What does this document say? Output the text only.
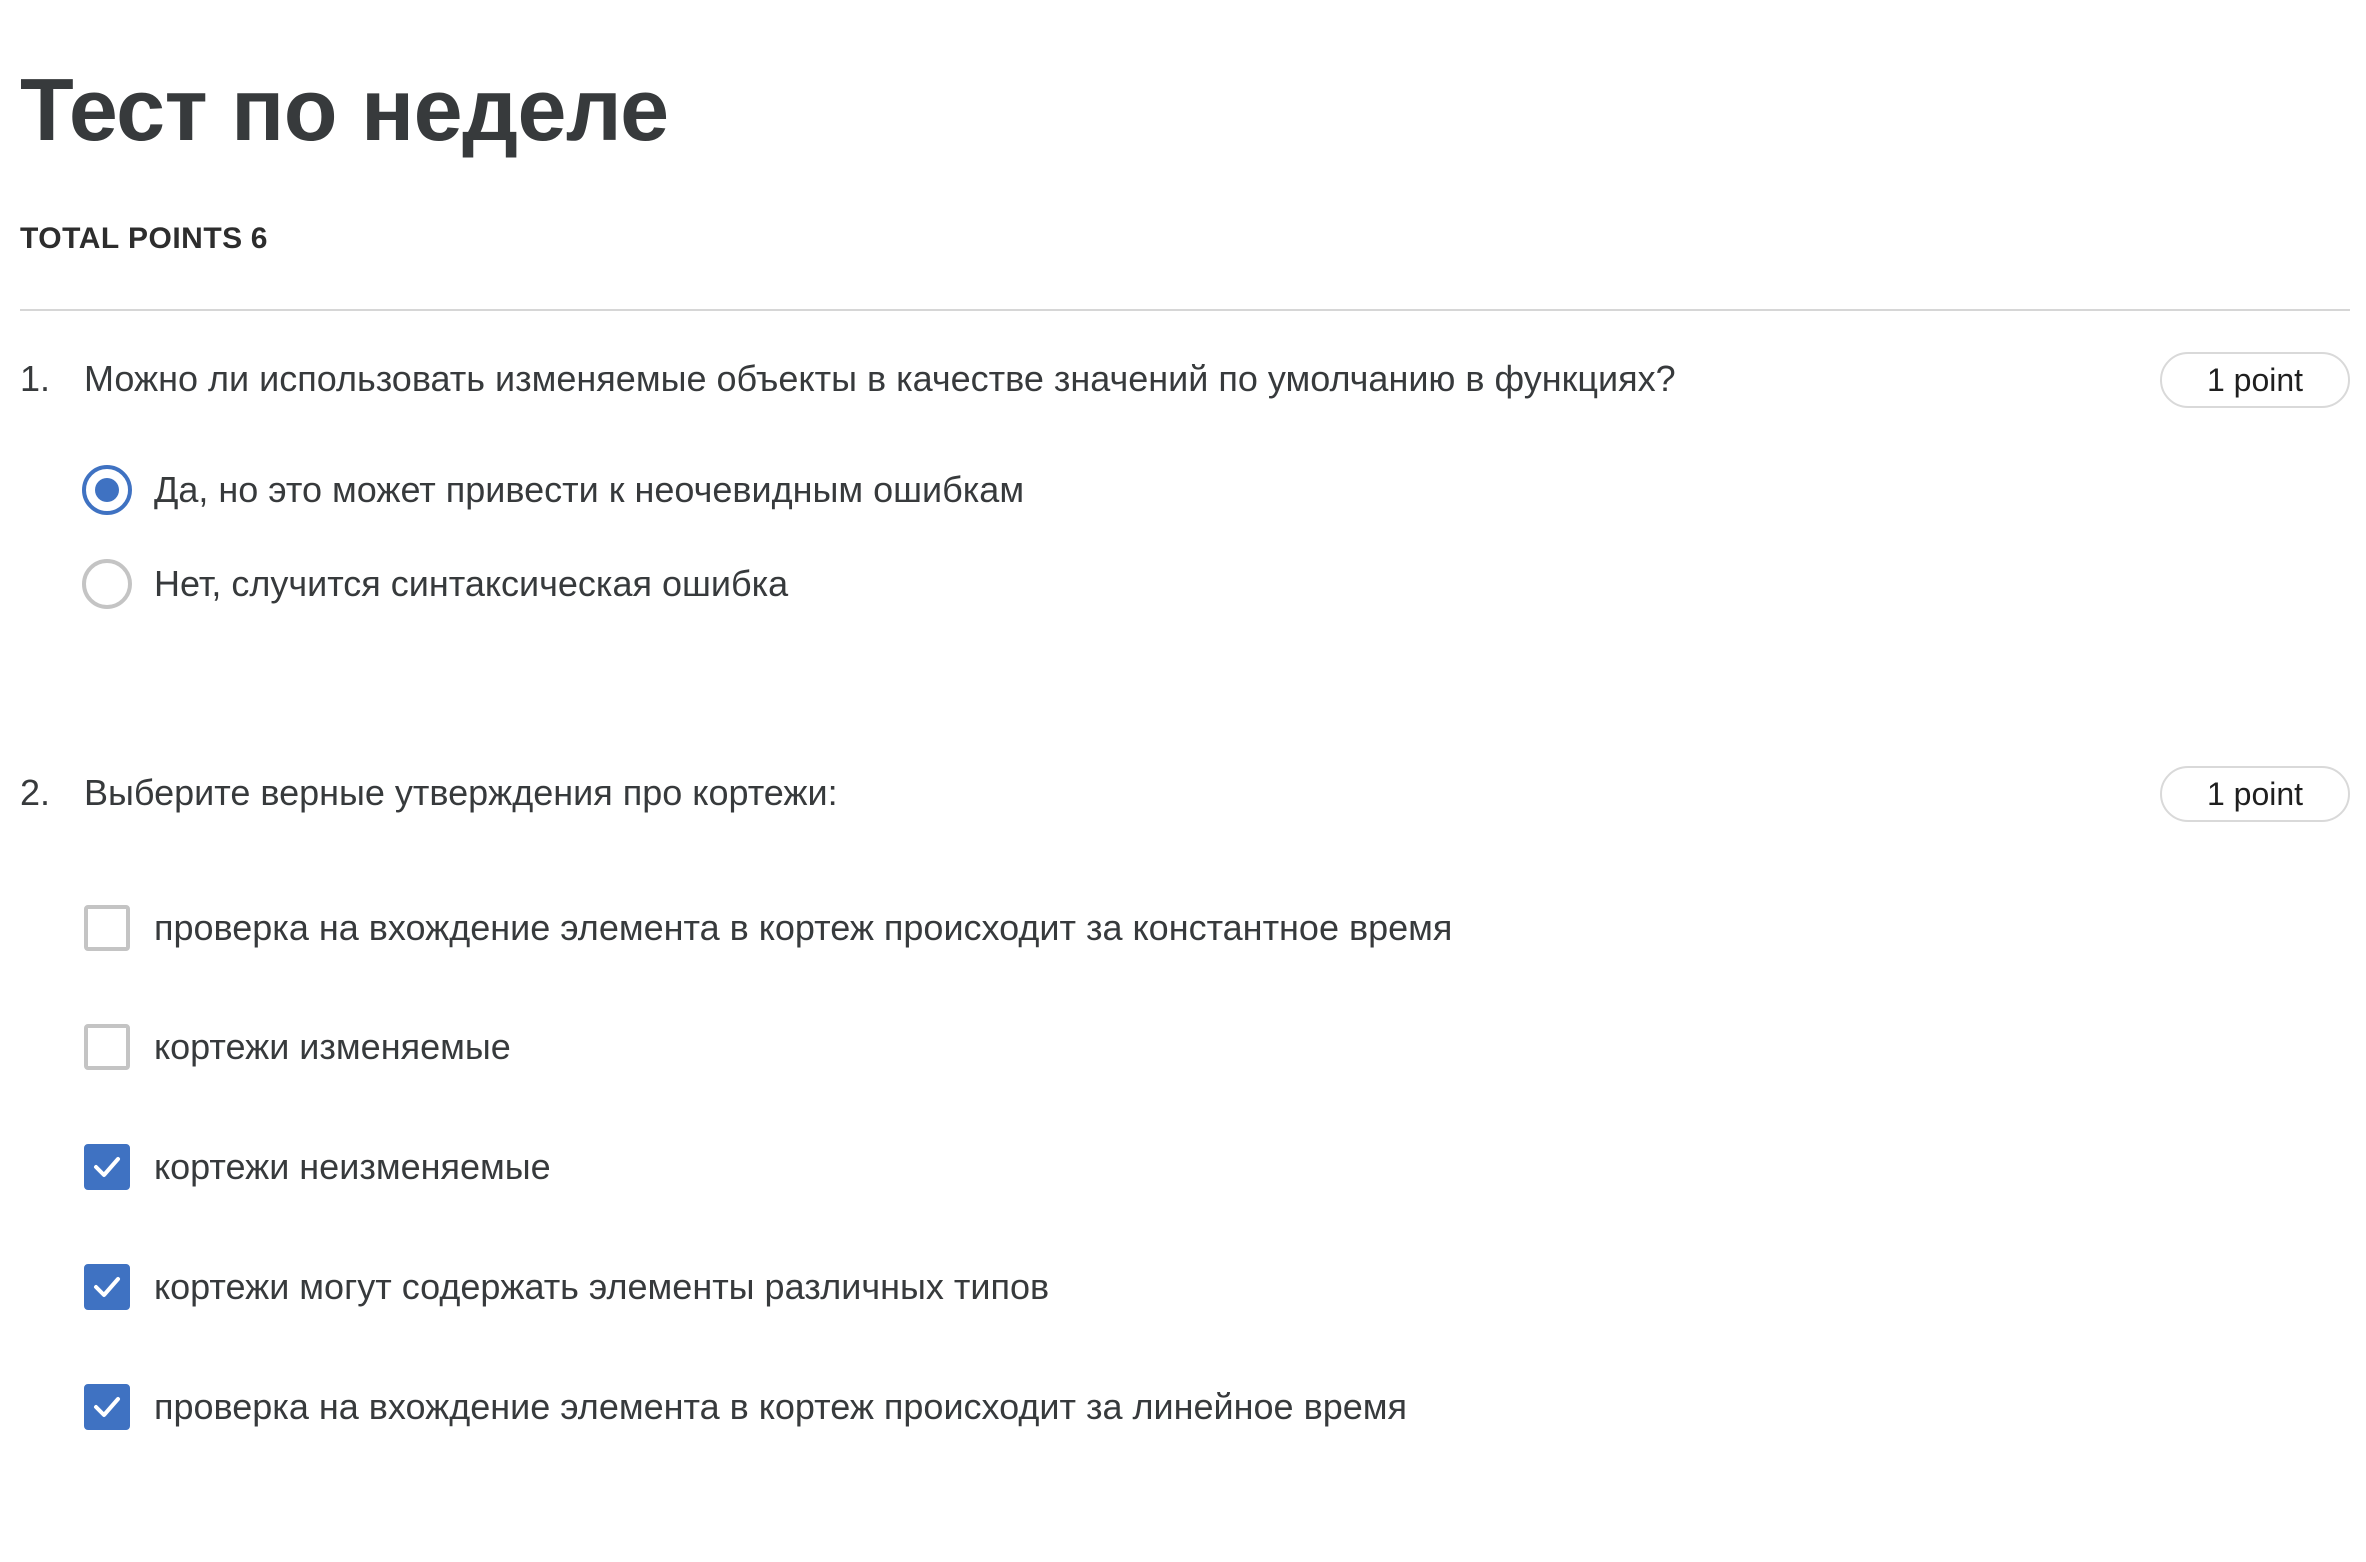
Тест по неделе
TOTAL POINTS 6
1. Можно ли использовать изменяемые объекты в качестве значений по умолчанию в функциях?	1 point
Да, но это может привести к неочевидным ошибкам
Нет, случится синтаксическая ошибка
2. Выберите верные утверждения про кортежи:	1 point
проверка на вхождение элемента в кортеж происходит за константное время
кортежи изменяемые
кортежи неизменяемые
кортежи могут содержать элементы различных типов
проверка на вхождение элемента в кортеж происходит за линейное время
